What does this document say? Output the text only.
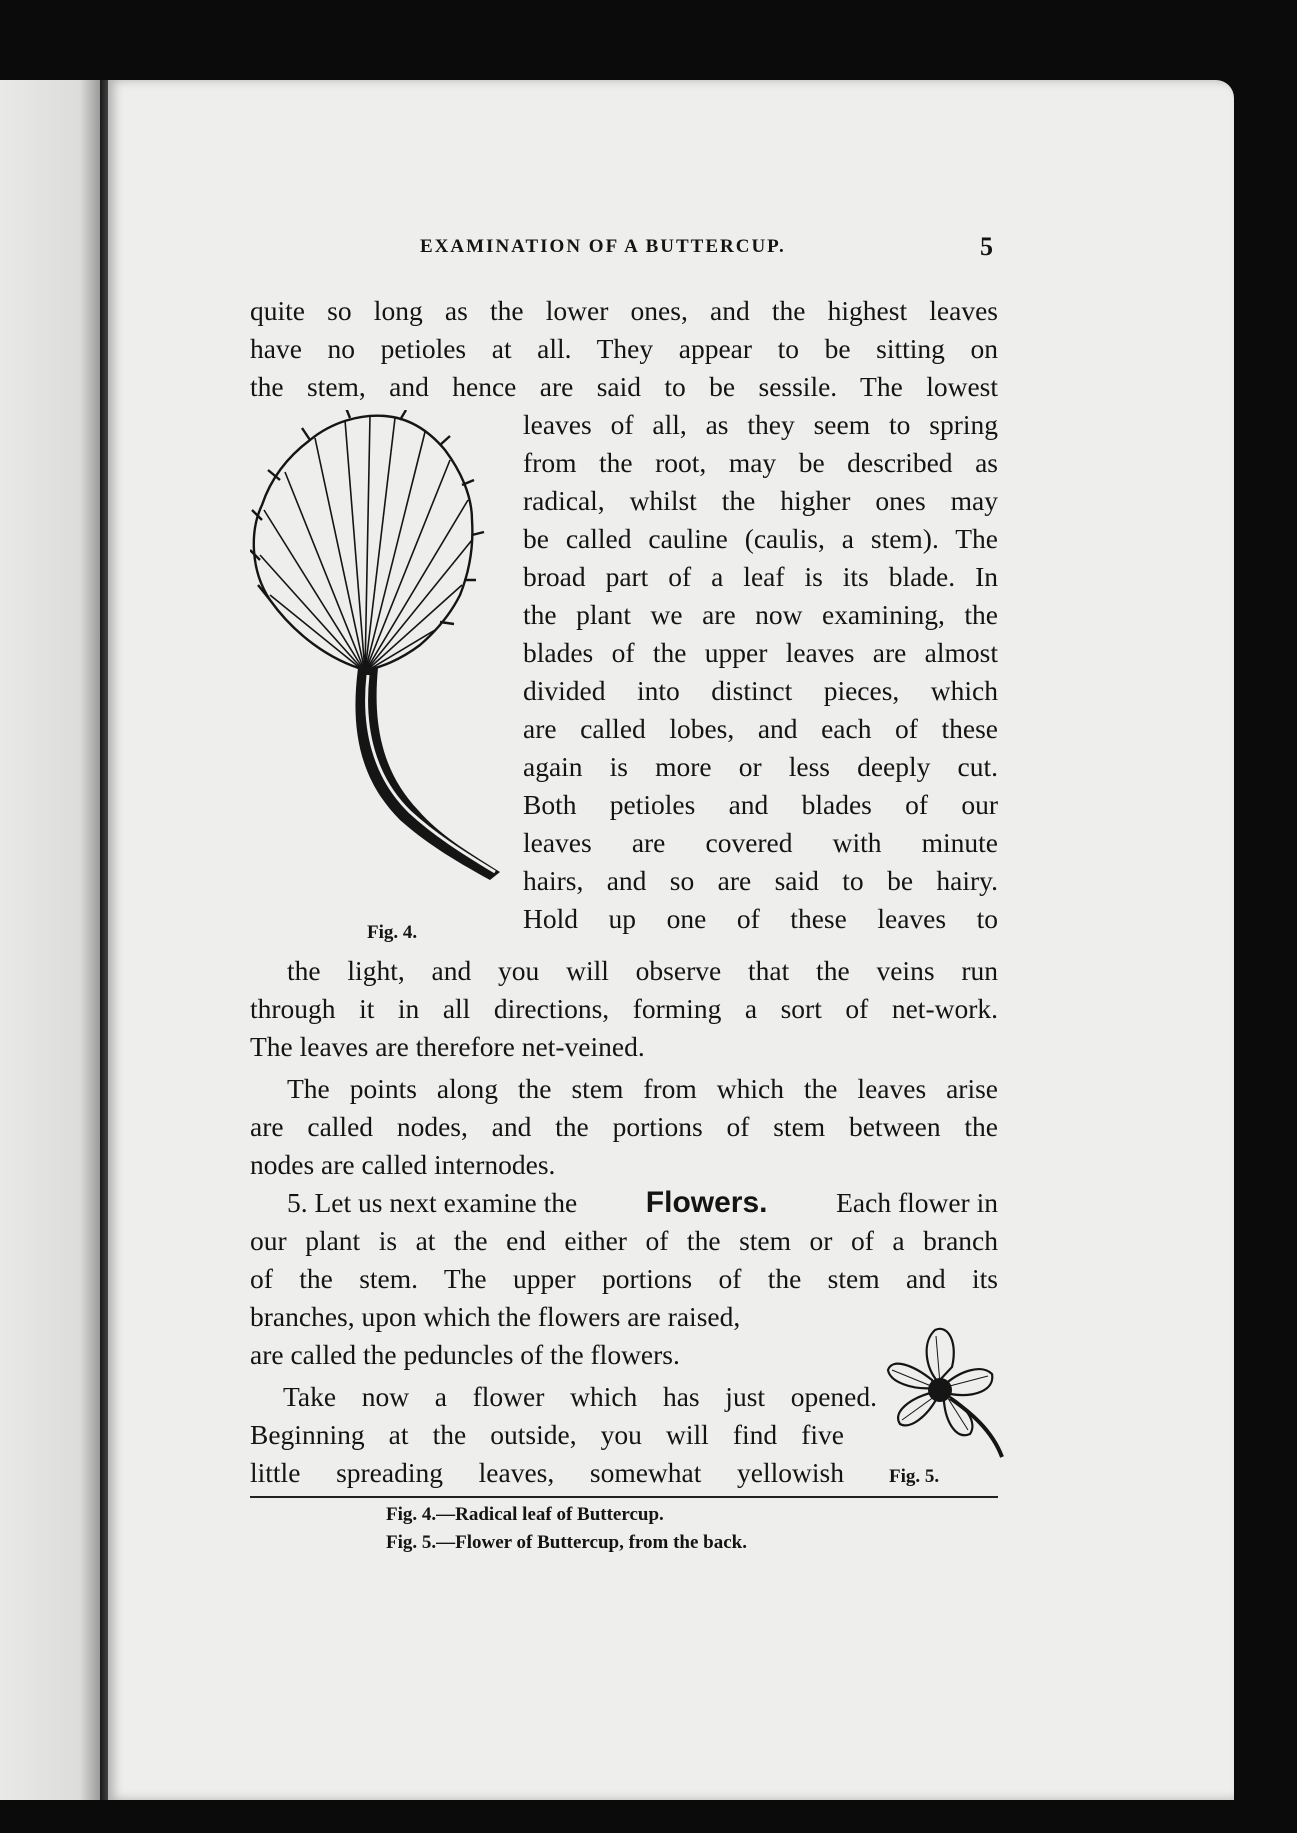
EXAMINATION OF A BUTTERCUP.	5
quite so long as the lower ones, and the highest leaves
have no petioles at all. They appear to be sitting on
the stem, and hence are said to be sessile. The lowest
leaves of all, as they seem to spring
from the root, may be described as
radical, whilst the higher ones may
be called cauline (caulis, a stem). The
broad part of a leaf is its blade. In
the plant we are now examining, the
blades of the upper leaves are almost
divided into distinct pieces, which
are called lobes, and each of these
again is more or less deeply cut.
Both petioles and blades of our
leaves are covered with minute
hairs, and so are said to be hairy.
Hold up one of these leaves to
Fig. 4.
the light, and you will observe that the veins run
through it in all directions, forming a sort of net-work.
The leaves are therefore net-veined.
The points along the stem from which the leaves arise
are called nodes, and the portions of stem between the
nodes are called internodes.
5. Let us next examine the Flowers. Each flower in
our plant is at the end either of the stem or of a branch
of the stem. The upper portions of the stem and its
branches, upon which the flowers are raised,
are called the peduncles of the flowers.
Take now a flower which has just opened.
Beginning at the outside, you will find five
little spreading leaves, somewhat yellowish Fig. 5.
Fig. 4.—Radical leaf of Buttercup.
Fig. 5.—Flower of Buttercup, from the back.
